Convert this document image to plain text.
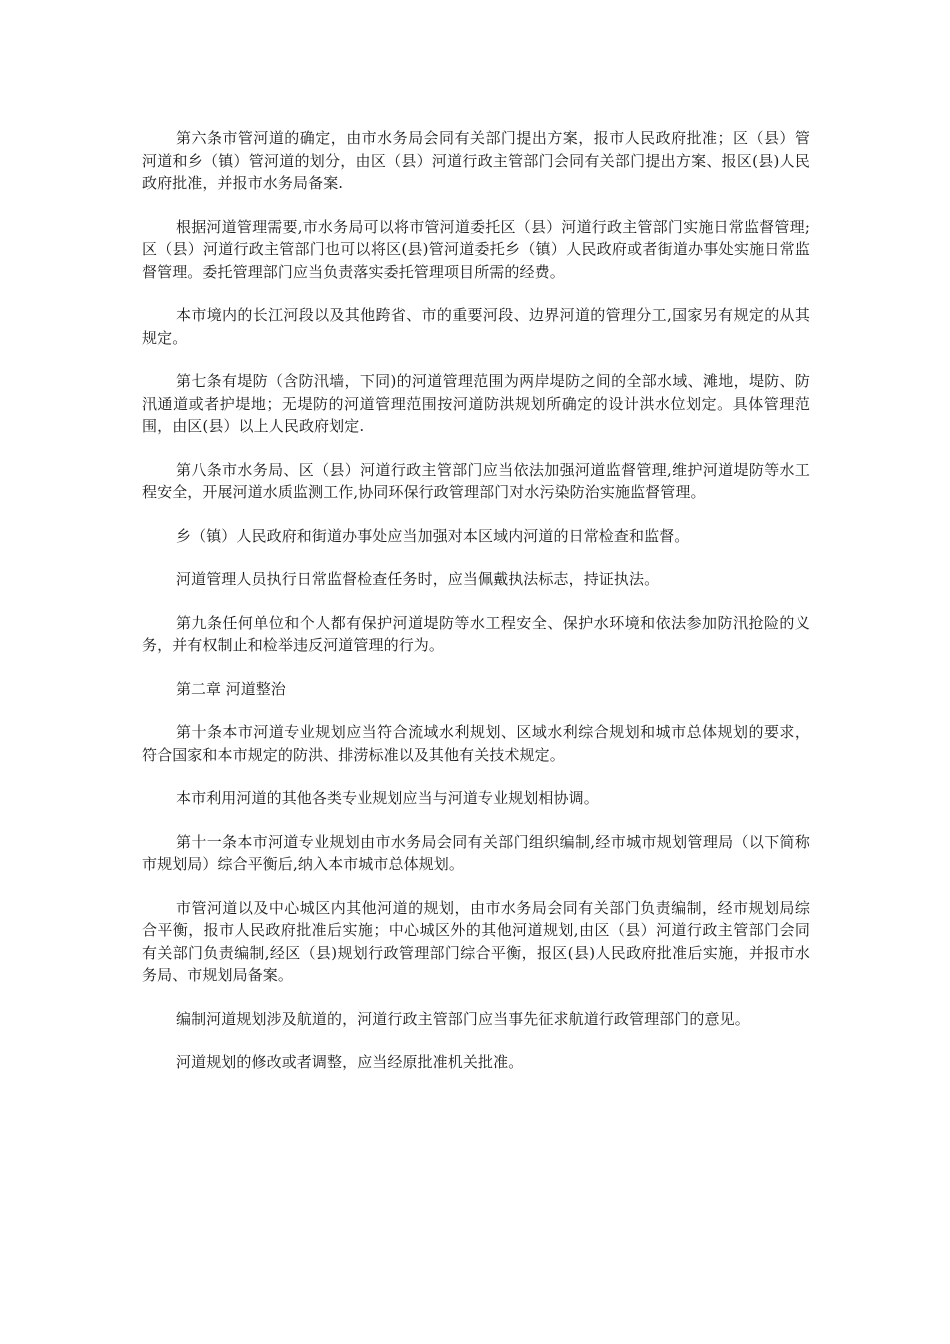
第六条市管河道的确定，由市水务局会同有关部门提出方案，报市人民政府批准；区（县）管河道和乡（镇）管河道的划分，由区（县）河道行政主管部门会同有关部门提出方案、报区(县)人民政府批准，并报市水务局备案.

根据河道管理需要,市水务局可以将市管河道委托区（县）河道行政主管部门实施日常监督管理;区（县）河道行政主管部门也可以将区(县)管河道委托乡（镇）人民政府或者街道办事处实施日常监督管理。委托管理部门应当负责落实委托管理项目所需的经费。

本市境内的长江河段以及其他跨省、市的重要河段、边界河道的管理分工,国家另有规定的从其规定。

第七条有堤防（含防汛墙，下同)的河道管理范围为两岸堤防之间的全部水域、滩地，堤防、防汛通道或者护堤地；无堤防的河道管理范围按河道防洪规划所确定的设计洪水位划定。具体管理范围，由区(县）以上人民政府划定.

第八条市水务局、区（县）河道行政主管部门应当依法加强河道监督管理,维护河道堤防等水工程安全，开展河道水质监测工作,协同环保行政管理部门对水污染防治实施监督管理。

乡（镇）人民政府和街道办事处应当加强对本区域内河道的日常检查和监督。

河道管理人员执行日常监督检查任务时，应当佩戴执法标志，持证执法。

第九条任何单位和个人都有保护河道堤防等水工程安全、保护水环境和依法参加防汛抢险的义务，并有权制止和检举违反河道管理的行为。

第二章 河道整治

第十条本市河道专业规划应当符合流域水利规划、区域水利综合规划和城市总体规划的要求，符合国家和本市规定的防洪、排涝标准以及其他有关技术规定。

本市利用河道的其他各类专业规划应当与河道专业规划相协调。

第十一条本市河道专业规划由市水务局会同有关部门组织编制,经市城市规划管理局（以下简称市规划局）综合平衡后,纳入本市城市总体规划。

市管河道以及中心城区内其他河道的规划，由市水务局会同有关部门负责编制，经市规划局综合平衡，报市人民政府批准后实施；中心城区外的其他河道规划,由区（县）河道行政主管部门会同有关部门负责编制,经区（县)规划行政管理部门综合平衡，报区(县)人民政府批准后实施，并报市水务局、市规划局备案。

编制河道规划涉及航道的，河道行政主管部门应当事先征求航道行政管理部门的意见。

河道规划的修改或者调整，应当经原批准机关批准。
